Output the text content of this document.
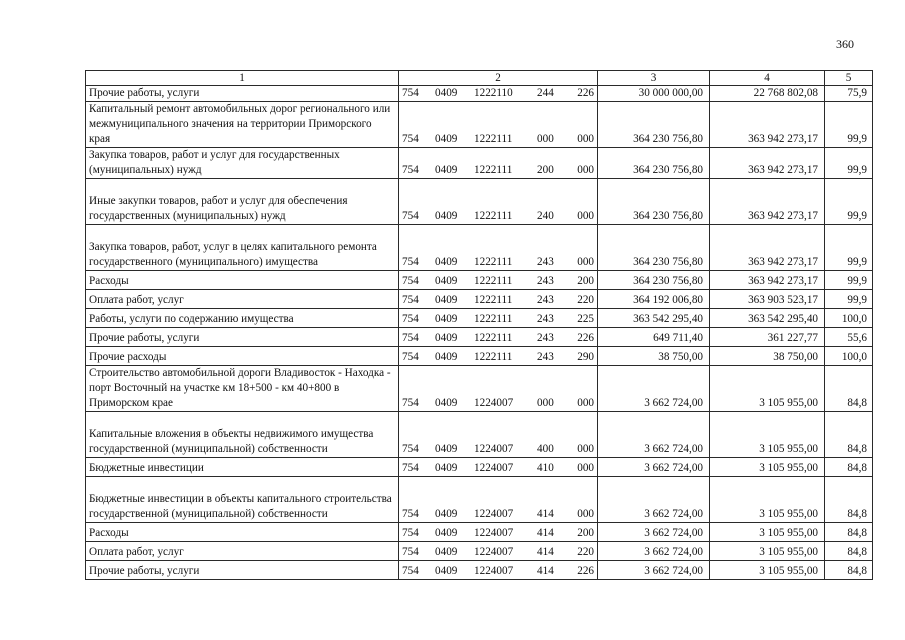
360
1	2	3	4	5
Прочие работы, услуги	754 0409 1222110 244 226	30 000 000,00	22 768 802,08	75,9
Капитальный ремонт автомобильных дорог регионального или межмуниципального значения на территории Приморского края	754 0409 1222111 000 000	364 230 756,80	363 942 273,17	99,9
Закупка товаров, работ и услуг для государственных (муниципальных) нужд	754 0409 1222111 200 000	364 230 756,80	363 942 273,17	99,9
Иные закупки товаров, работ и услуг для обеспечения государственных (муниципальных) нужд	754 0409 1222111 240 000	364 230 756,80	363 942 273,17	99,9
Закупка товаров, работ, услуг в целях капитального ремонта государственного (муниципального) имущества	754 0409 1222111 243 000	364 230 756,80	363 942 273,17	99,9
Расходы	754 0409 1222111 243 200	364 230 756,80	363 942 273,17	99,9
Оплата работ, услуг	754 0409 1222111 243 220	364 192 006,80	363 903 523,17	99,9
Работы, услуги по содержанию имущества	754 0409 1222111 243 225	363 542 295,40	363 542 295,40	100,0
Прочие работы, услуги	754 0409 1222111 243 226	649 711,40	361 227,77	55,6
Прочие расходы	754 0409 1222111 243 290	38 750,00	38 750,00	100,0
Строительство автомобильной дороги Владивосток - Находка - порт Восточный на участке км 18+500 - км 40+800 в Приморском крае	754 0409 1224007 000 000	3 662 724,00	3 105 955,00	84,8
Капитальные вложения в объекты недвижимого имущества государственной (муниципальной) собственности	754 0409 1224007 400 000	3 662 724,00	3 105 955,00	84,8
Бюджетные инвестиции	754 0409 1224007 410 000	3 662 724,00	3 105 955,00	84,8
Бюджетные инвестиции в объекты капитального строительства государственной (муниципальной) собственности	754 0409 1224007 414 000	3 662 724,00	3 105 955,00	84,8
Расходы	754 0409 1224007 414 200	3 662 724,00	3 105 955,00	84,8
Оплата работ, услуг	754 0409 1224007 414 220	3 662 724,00	3 105 955,00	84,8
Прочие работы, услуги	754 0409 1224007 414 226	3 662 724,00	3 105 955,00	84,8
